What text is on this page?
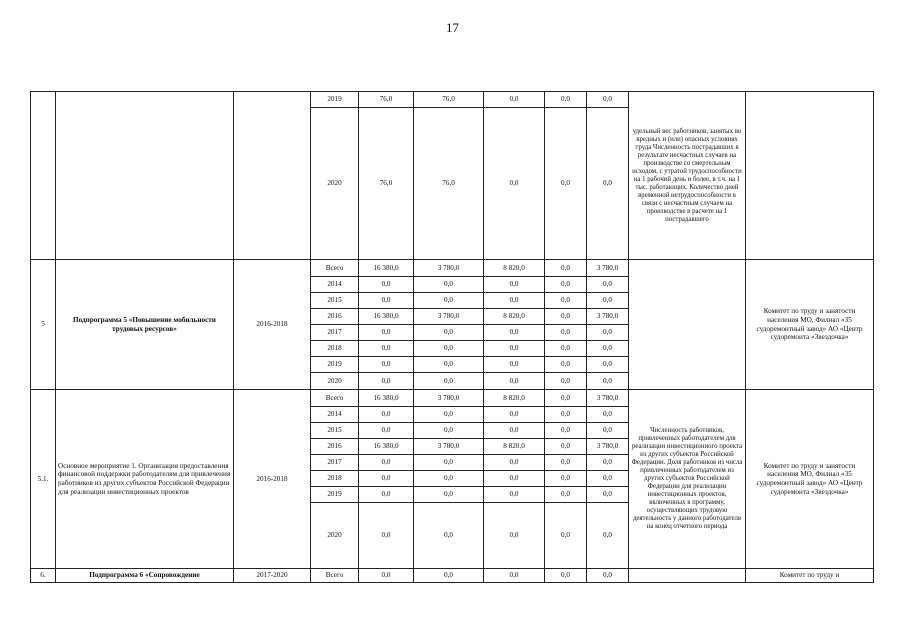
17
			2019	76,0	76,0	0,0	0,0	0,0	удельный вес работников, занятых во вредных и (или) опасных условиях труда Численность пострадавших в результате несчастных случаев на производстве со смертельным исходом, с утратой трудоспособности на 1 рабочий день и более, в т.ч. на 1 тыс. работающих. Количество дней временной нетрудоспособности в связи с несчастным случаем на производстве в расчете на 1 пострадавшего	
			2020	76,0	76,0	0,0	0,0	0,0		
5	Подпрограмма 5 «Повышение мобильности трудовых ресурсов»	2016-2018	Всего	16 380,0	3 780,0	8 820,0	0,0	3 780,0		Комитет по труду и занятости населения МО, Филиал «35 судоремонтный завод» АО «Центр судоремонта «Звездочка»
			2014	0,0	0,0	0,0	0,0	0,0		
			2015	0,0	0,0	0,0	0,0	0,0		
			2016	16 380,0	3 780,0	8 820,0	0,0	3 780,0		
			2017	0,0	0,0	0,0	0,0	0,0		
			2018	0,0	0,0	0,0	0,0	0,0		
			2019	0,0	0,0	0,0	0,0	0,0		
			2020	0,0	0,0	0,0	0,0	0,0		
5.1.	Основное мероприятие 1. Организация предоставления финансовой поддержки работодателям для привлечения работников из других субъектов Российской Федерации для реализации инвестиционных проектов	2016-2018	Всего	16 380,0	3 780,0	8 820,0	0,0	3 780,0	Численность работников, привлеченных работодателем для реализации инвестиционного проекта из других субъектов Российской Федерации. Доля работников из числа привлеченных работодателем из других субъектов Российской Федерации для реализации инвестиционных проектов, включенных в программу, осуществляющих трудовую деятельность у данного работодателя на конец отчетного периода	Комитет по труду и занятости населения МО, Филиал «35 судоремонтный завод» АО «Центр судоремонта «Звездочка»
			2014	0,0	0,0	0,0	0,0	0,0		
			2015	0,0	0,0	0,0	0,0	0,0		
			2016	16 380,0	3 780,0	8 820,0	0,0	3 780,0		
			2017	0,0	0,0	0,0	0,0	0,0		
			2018	0,0	0,0	0,0	0,0	0,0		
			2019	0,0	0,0	0,0	0,0	0,0		
			2020	0,0	0,0	0,0	0,0	0,0		
6.	Подпрограмма 6 «Сопровождение	2017-2020	Всего	0,0	0,0	0,0	0,0	0,0		Комитет по труду и
